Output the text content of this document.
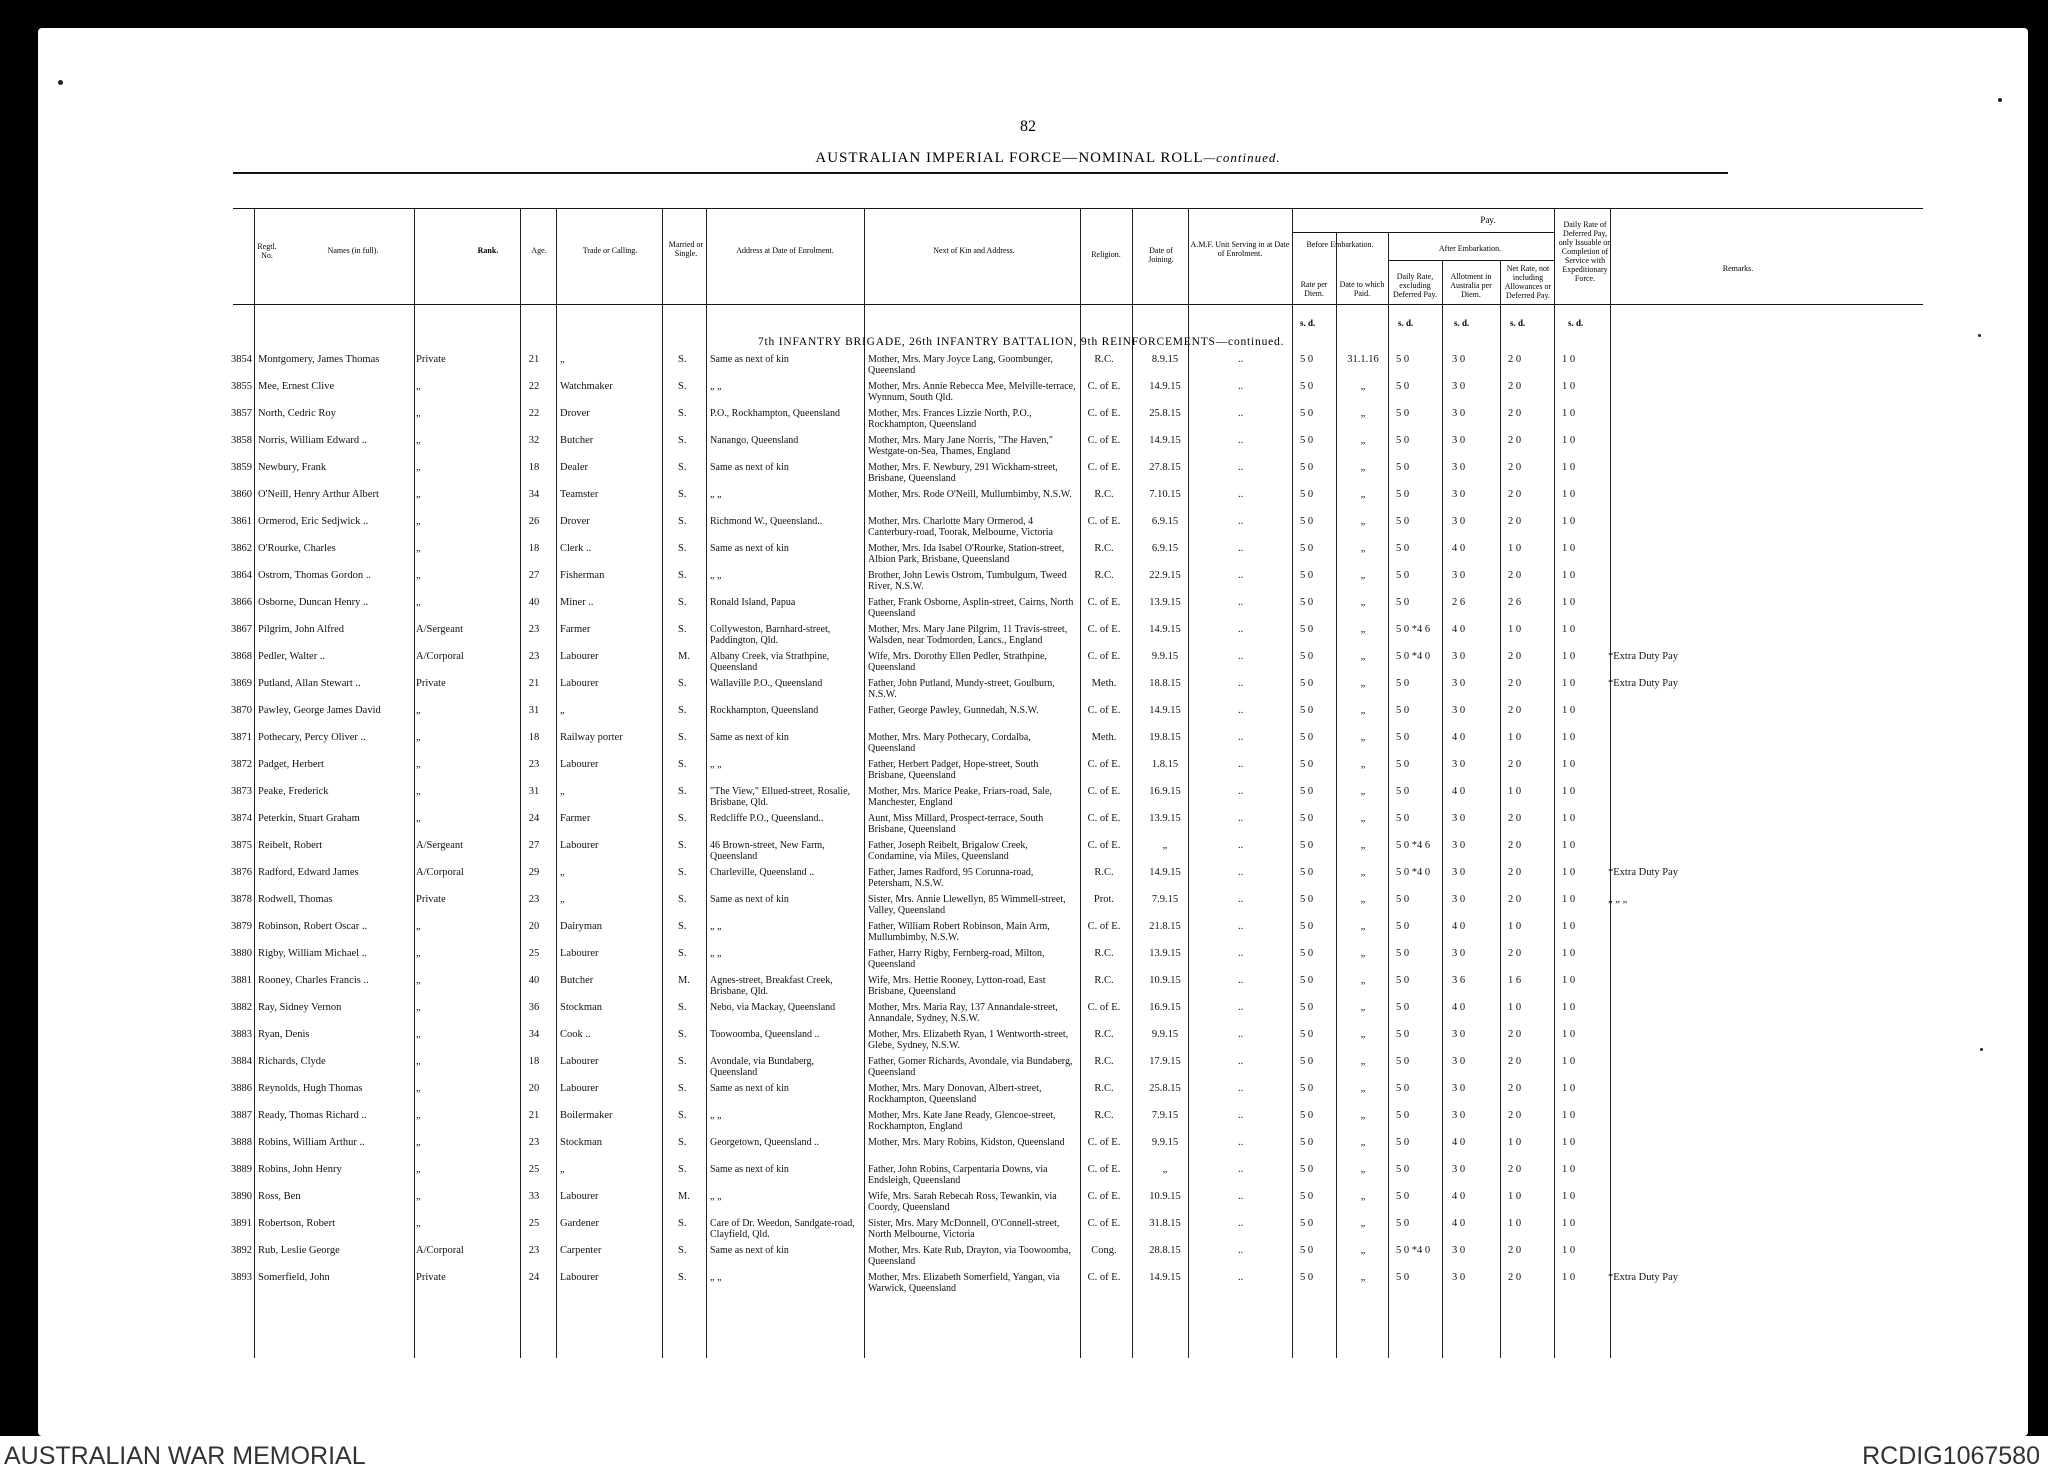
82
AUSTRALIAN IMPERIAL FORCE—NOMINAL ROLL—continued.
Regtl. No.
Names (in full).	Rank.	Age.	Trade or Calling.
Married or Single.	Address at Date of Enrolment.	Next of Kin and Address.	Religion.	Date of Joining.
A.M.F. Unit Serving in at Date of Enrolment.
Pay.
Before Embarkation.	After Embarkation.
Rate per Diem.
Date to which Paid.
Daily Rate, excluding Deferred Pay.
Allotment in Australia per Diem.
Net Rate, not including Allowances or Deferred Pay.
Daily Rate of Deferred Pay, only Issuable on Completion of Service with Expeditionary Force.
Remarks.
s. d.	s. d.	s. d.	s. d.	s. d.
7th INFANTRY BRIGADE, 26th INFANTRY BATTALION, 9th REINFORCEMENTS—continued.
3854 Montgomery, James Thomas	Private	21	„	S.	Same as next of kin	Mother, Mrs. Mary Joyce Lang, Goombunger, Queensland
R.C.	8.9.15	..	5 0	31.1.16	5 0	3 0	2 0	1 0
3855 Mee, Ernest Clive	„	22	Watchmaker	S.	„ „	Mother, Mrs. Annie Rebecca Mee, Melville-terrace, Wynnum, South Qld.
C. of E.	14.9.15	..	5 0	„	5 0	3 0	2 0	1 0
3857 North, Cedric Roy	„	22	Drover	S.	P.O., Rockhampton, Queensland	Mother, Mrs. Frances Lizzie North, P.O., Rockhampton, Queensland
C. of E.	25.8.15	..	5 0	„	5 0	3 0	2 0	1 0
3858 Norris, William Edward ..	„	32	Butcher	S.	Nanango, Queensland	Mother, Mrs. Mary Jane Norris, "The Haven," Westgate-on-Sea, Thames, England
C. of E.	14.9.15	..	5 0	„	5 0	3 0	2 0	1 0
3859 Newbury, Frank	„	18	Dealer	S.	Same as next of kin	Mother, Mrs. F. Newbury, 291 Wickham-street, Brisbane, Queensland
C. of E.	27.8.15	..	5 0	„	5 0	3 0	2 0	1 0
3860 O'Neill, Henry Arthur Albert	„	34	Teamster	S.	„ „	Mother, Mrs. Rode O'Neill, Mullumbimby, N.S.W.	R.C.	7.10.15	..	5 0	„	5 0	3 0	2 0	1 0
3861 Ormerod, Eric Sedjwick ..	„	26	Drover	S.	Richmond W., Queensland..	Mother, Mrs. Charlotte Mary Ormerod, 4 Canterbury-road, Toorak, Melbourne, Victoria
C. of E.	6.9.15	..	5 0	„	5 0	3 0	2 0	1 0
3862 O'Rourke, Charles	„	18	Clerk ..	S.	Same as next of kin	Mother, Mrs. Ida Isabel O'Rourke, Station-street, Albion Park, Brisbane, Queensland
R.C.	6.9.15	..	5 0	„	5 0	4 0	1 0	1 0
3864 Ostrom, Thomas Gordon ..	„	27	Fisherman	S.	„ „	Brother, John Lewis Ostrom, Tumbulgum, Tweed River, N.S.W.
R.C.	22.9.15	..	5 0	„	5 0	3 0	2 0	1 0
3866 Osborne, Duncan Henry ..	„	40	Miner ..	S.	Ronald Island, Papua	Father, Frank Osborne, Asplin-street, Cairns, North Queensland
C. of E.	13.9.15	..	5 0	„	5 0	2 6	2 6	1 0
3867 Pilgrim, John Alfred	A/Sergeant	23	Farmer	S.	Collyweston, Barnhard-street, Paddington, Qld.
Mother, Mrs. Mary Jane Pilgrim, 11 Travis-street, Walsden, near Todmorden, Lancs., England
C. of E.	14.9.15	..	5 0	„	5 0 *4 6	4 0	1 0	1 0
3868 Pedler, Walter ..	A/Corporal	23	Labourer	M. Albany Creek, via Strathpine, Queensland
Wife, Mrs. Dorothy Ellen Pedler, Strathpine, Queensland
C. of E.	9.9.15	..	5 0	„	5 0 *4 0	3 0	2 0	1 0	*Extra Duty Pay
3869 Putland, Allan Stewart ..	Private	21	Labourer	S.	Wallaville P.O., Queensland	Father, John Putland, Mundy-street, Goulburn, N.S.W.
Meth.	18.8.15	..	5 0	„	5 0	3 0	2 0	1 0	*Extra Duty Pay
3870 Pawley, George James David	„	31	„	S.	Rockhampton, Queensland	Father, George Pawley, Gunnedah, N.S.W.	C. of E.	14.9.15	..	5 0	„	5 0	3 0	2 0	1 0
3871 Pothecary, Percy Oliver ..	„	18	Railway porter	S.	Same as next of kin	Mother, Mrs. Mary Pothecary, Cordalba, Queensland
Meth.	19.8.15	..	5 0	„	5 0	4 0	1 0	1 0
3872 Padget, Herbert	„	23	Labourer	S.	„ „	Father, Herbert Padget, Hope-street, South Brisbane, Queensland
C. of E.	1.8.15	..	5 0	„	5 0	3 0	2 0	1 0
3873 Peake, Frederick	„	31	„	S.	"The View," Ellued-street, Rosalie, Brisbane, Qld.
Mother, Mrs. Marice Peake, Friars-road, Sale, Manchester, England
C. of E.	16.9.15	..	5 0	„	5 0	4 0	1 0	1 0
3874 Peterkin, Stuart Graham	„	24	Farmer	S.	Redcliffe P.O., Queensland..	Aunt, Miss Millard, Prospect-terrace, South Brisbane, Queensland
C. of E.	13.9.15	..	5 0	„	5 0	3 0	2 0	1 0
3875 Reibelt, Robert	A/Sergeant	27	Labourer	S.	46 Brown-street, New Farm, Queensland
Father, Joseph Reibelt, Brigalow Creek, Condamine, via Miles, Queensland
C. of E.	„	..	5 0	„	5 0 *4 6	3 0	2 0	1 0
3876 Radford, Edward James	A/Corporal	29	„	S.	Charleville, Queensland ..	Father, James Radford, 95 Corunna-road, Petersham, N.S.W.
R.C.	14.9.15	..	5 0	„	5 0 *4 0	3 0	2 0	1 0	*Extra Duty Pay
3878 Rodwell, Thomas	Private	23	„	S.	Same as next of kin	Sister, Mrs. Annie Llewellyn, 85 Wimmell-street, Valley, Queensland
Prot.	7.9.15	..	5 0	„	5 0	3 0	2 0	1 0	„ „ „
3879 Robinson, Robert Oscar ..	„	20	Dairyman	S.	„ „	Father, William Robert Robinson, Main Arm, Mullumbimby, N.S.W.
C. of E.	21.8.15	..	5 0	„	5 0	4 0	1 0	1 0
3880 Rigby, William Michael ..	„	25	Labourer	S.	„ „	Father, Harry Rigby, Fernberg-road, Milton, Queensland
R.C.	13.9.15	..	5 0	„	5 0	3 0	2 0	1 0
3881 Rooney, Charles Francis ..	„	40	Butcher	M. Agnes-street, Breakfast Creek, Brisbane, Qld.
Wife, Mrs. Hettie Rooney, Lytton-road, East Brisbane, Queensland
R.C.	10.9.15	..	5 0	„	5 0	3 6	1 6	1 0
3882 Ray, Sidney Vernon	„	36	Stockman	S.	Nebo, via Mackay, Queensland	Mother, Mrs. Maria Ray, 137 Annandale-street, Annandale, Sydney, N.S.W.
C. of E.	16.9.15	..	5 0	„	5 0	4 0	1 0	1 0
3883 Ryan, Denis	„	34	Cook ..	S.	Toowoomba, Queensland ..	Mother, Mrs. Elizabeth Ryan, 1 Wentworth-street, Glebe, Sydney, N.S.W.
R.C.	9.9.15	..	5 0	„	5 0	3 0	2 0	1 0
3884 Richards, Clyde	„	18	Labourer	S.	Avondale, via Bundaberg, Queensland
Father, Gomer Richards, Avondale, via Bundaberg, Queensland
R.C.	17.9.15	..	5 0	„	5 0	3 0	2 0	1 0
3886 Reynolds, Hugh Thomas	„	20	Labourer	S.	Same as next of kin	Mother, Mrs. Mary Donovan, Albert-street, Rockhampton, Queensland
R.C.	25.8.15	..	5 0	„	5 0	3 0	2 0	1 0
3887 Ready, Thomas Richard ..	„	21	Boilermaker	S.	„ „	Mother, Mrs. Kate Jane Ready, Glencoe-street, Rockhampton, England
R.C.	7.9.15	..	5 0	„	5 0	3 0	2 0	1 0
3888 Robins, William Arthur ..	„	23	Stockman	S.	Georgetown, Queensland ..	Mother, Mrs. Mary Robins, Kidston, Queensland	C. of E.	9.9.15	..	5 0	„	5 0	4 0	1 0	1 0
3889 Robins, John Henry	„	25	„	S.	Same as next of kin	Father, John Robins, Carpentaria Downs, via Endsleigh, Queensland
C. of E.	„	..	5 0	„	5 0	3 0	2 0	1 0
3890 Ross, Ben	„	33	Labourer	M. „ „	Wife, Mrs. Sarah Rebecah Ross, Tewankin, via Coordy, Queensland
C. of E.	10.9.15	..	5 0	„	5 0	4 0	1 0	1 0
3891 Robertson, Robert	„	25	Gardener	S.	Care of Dr. Weedon, Sandgate-road, Clayfield, Qld.
Sister, Mrs. Mary McDonnell, O'Connell-street, North Melbourne, Victoria
C. of E.	31.8.15	..	5 0	„	5 0	4 0	1 0	1 0
3892 Rub, Leslie George	A/Corporal	23	Carpenter	S.	Same as next of kin	Mother, Mrs. Kate Rub, Drayton, via Toowoomba, Queensland
Cong.	28.8.15	..	5 0	„	5 0 *4 0	3 0	2 0	1 0
3893 Somerfield, John	Private	24	Labourer	S.	„ „	Mother, Mrs. Elizabeth Somerfield, Yangan, via Warwick, Queensland
C. of E.	14.9.15	..	5 0	„	5 0	3 0	2 0	1 0	*Extra Duty Pay
AUSTRALIAN WAR MEMORIAL	RCDIG1067580
